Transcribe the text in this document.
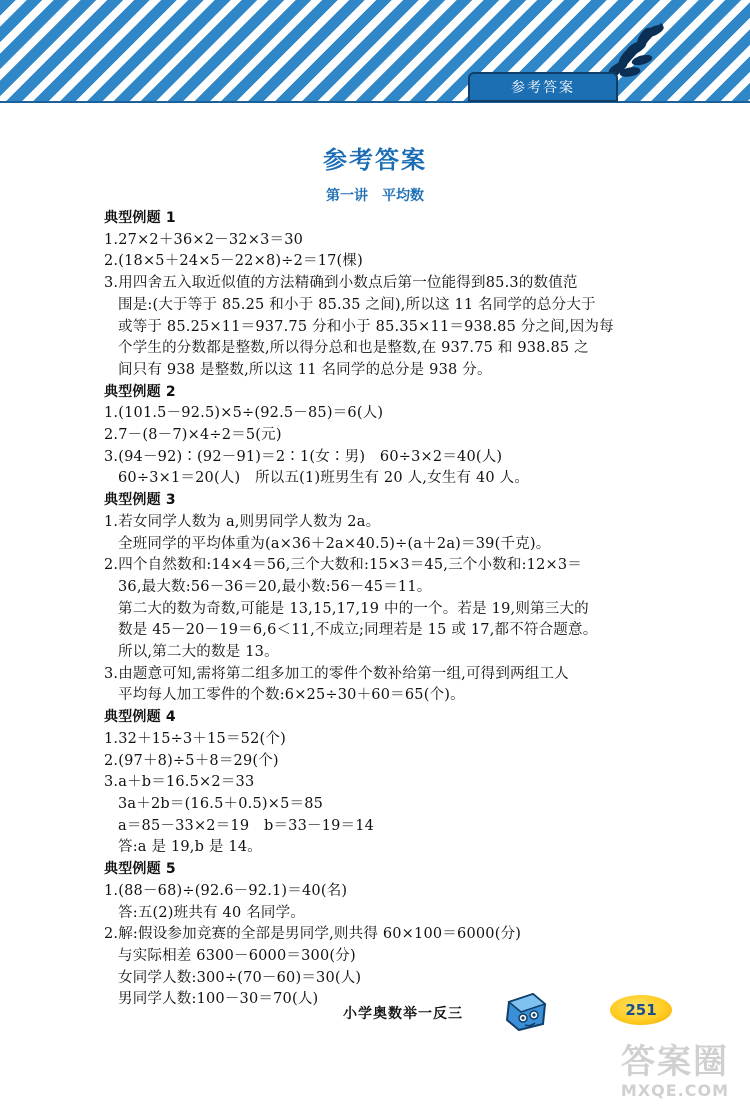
参考答案
参考答案
第一讲　平均数
典型例题 1
1.27×2＋36×2－32×3＝30
2.(18×5＋24×5－22×8)÷2＝17(棵)
3.用四舍五入取近似值的方法精确到小数点后第一位能得到85.3的数值范
围是:(大于等于 85.25 和小于 85.35 之间),所以这 11 名同学的总分大于
或等于 85.25×11＝937.75 分和小于 85.35×11＝938.85 分之间,因为每
个学生的分数都是整数,所以得分总和也是整数,在 937.75 和 938.85 之
间只有 938 是整数,所以这 11 名同学的总分是 938 分。
典型例题 2
1.(101.5－92.5)×5÷(92.5－85)＝6(人)
2.7－(8－7)×4÷2＝5(元)
3.(94－92)∶(92－91)＝2∶1(女∶男)　60÷3×2＝40(人)
60÷3×1＝20(人)　所以五(1)班男生有 20 人,女生有 40 人。
典型例题 3
1.若女同学人数为 a,则男同学人数为 2a。
全班同学的平均体重为(a×36＋2a×40.5)÷(a＋2a)＝39(千克)。
2.四个自然数和:14×4＝56,三个大数和:15×3＝45,三个小数和:12×3＝
36,最大数:56－36＝20,最小数:56－45＝11。
第二大的数为奇数,可能是 13,15,17,19 中的一个。若是 19,则第三大的
数是 45－20－19＝6,6＜11,不成立;同理若是 15 或 17,都不符合题意。
所以,第二大的数是 13。
3.由题意可知,需将第二组多加工的零件个数补给第一组,可得到两组工人
平均每人加工零件的个数:6×25÷30＋60＝65(个)。
典型例题 4
1.32＋15÷3＋15＝52(个)
2.(97＋8)÷5＋8＝29(个)
3.a＋b＝16.5×2＝33
3a＋2b＝(16.5＋0.5)×5＝85
a＝85－33×2＝19　b＝33－19＝14
答:a 是 19,b 是 14。
典型例题 5
1.(88－68)÷(92.6－92.1)＝40(名)
答:五(2)班共有 40 名同学。
2.解:假设参加竞赛的全部是男同学,则共得 60×100＝6000(分)
与实际相差 6300－6000＝300(分)
女同学人数:300÷(70－60)＝30(人)
男同学人数:100－30＝70(人)
小学奥数举一反三	251
答案圈
MXQE.COM
